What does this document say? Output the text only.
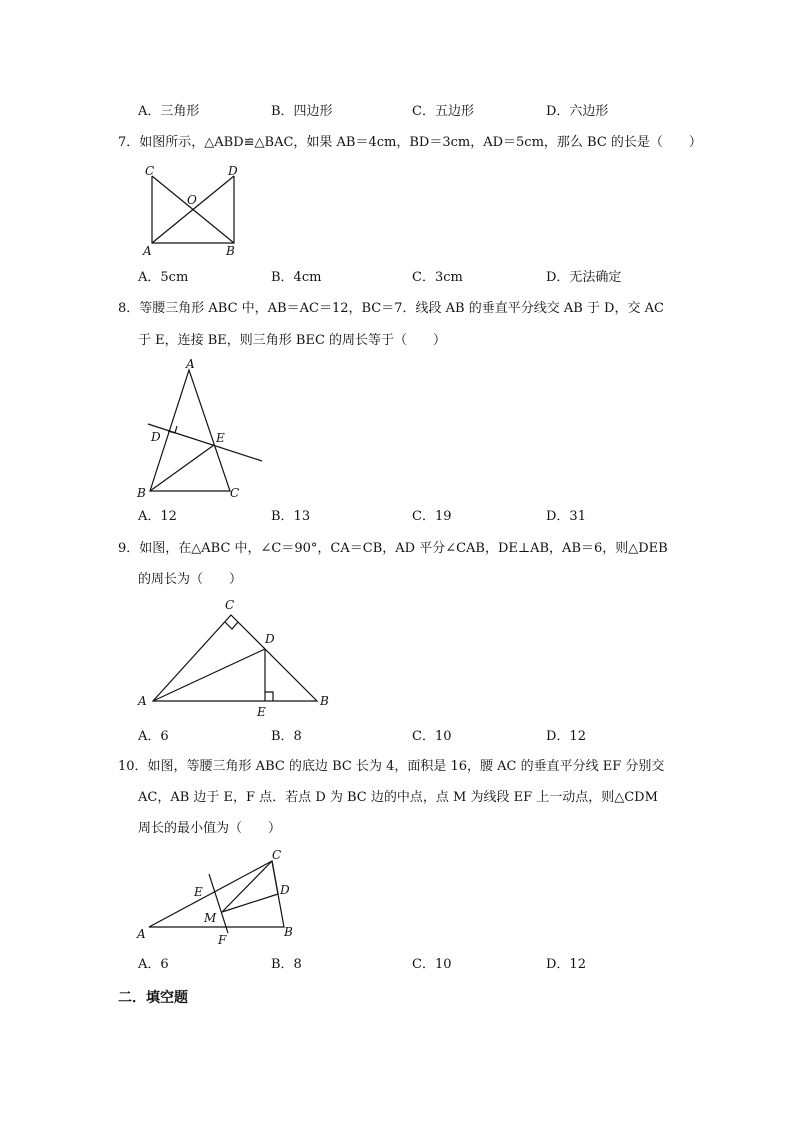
A．三角形	B．四边形	C．五边形	D．六边形
7．如图所示，△ABD≌△BAC，如果 AB＝4cm，BD＝3cm，AD＝5cm，那么 BC 的长是（　　）
C	D
O
A	B
A．5cm	B．4cm	C．3cm	D．无法确定
8．等腰三角形 ABC 中，AB＝AC＝12，BC＝7．线段 AB 的垂直平分线交 AB 于 D，交 AC
于 E，连接 BE，则三角形 BEC 的周长等于（　　）
A
D	E
B	C
A．12	B．13	C．19	D．31
9．如图，在△ABC 中，∠C＝90°，CA＝CB，AD 平分∠CAB，DE⊥AB，AB＝6，则△DEB
的周长为（　　）
C
D
A
E
B
A．6	B．8	C．10	D．12
10．如图，等腰三角形 ABC 的底边 BC 长为 4，面积是 16，腰 AC 的垂直平分线 EF 分别交
AC，AB 边于 E，F 点．若点 D 为 BC 边的中点，点 M 为线段 EF 上一动点，则△CDM
周长的最小值为（　　）
C
E	D
M
A	F
B
A．6	B．8	C．10	D．12
二．填空题
